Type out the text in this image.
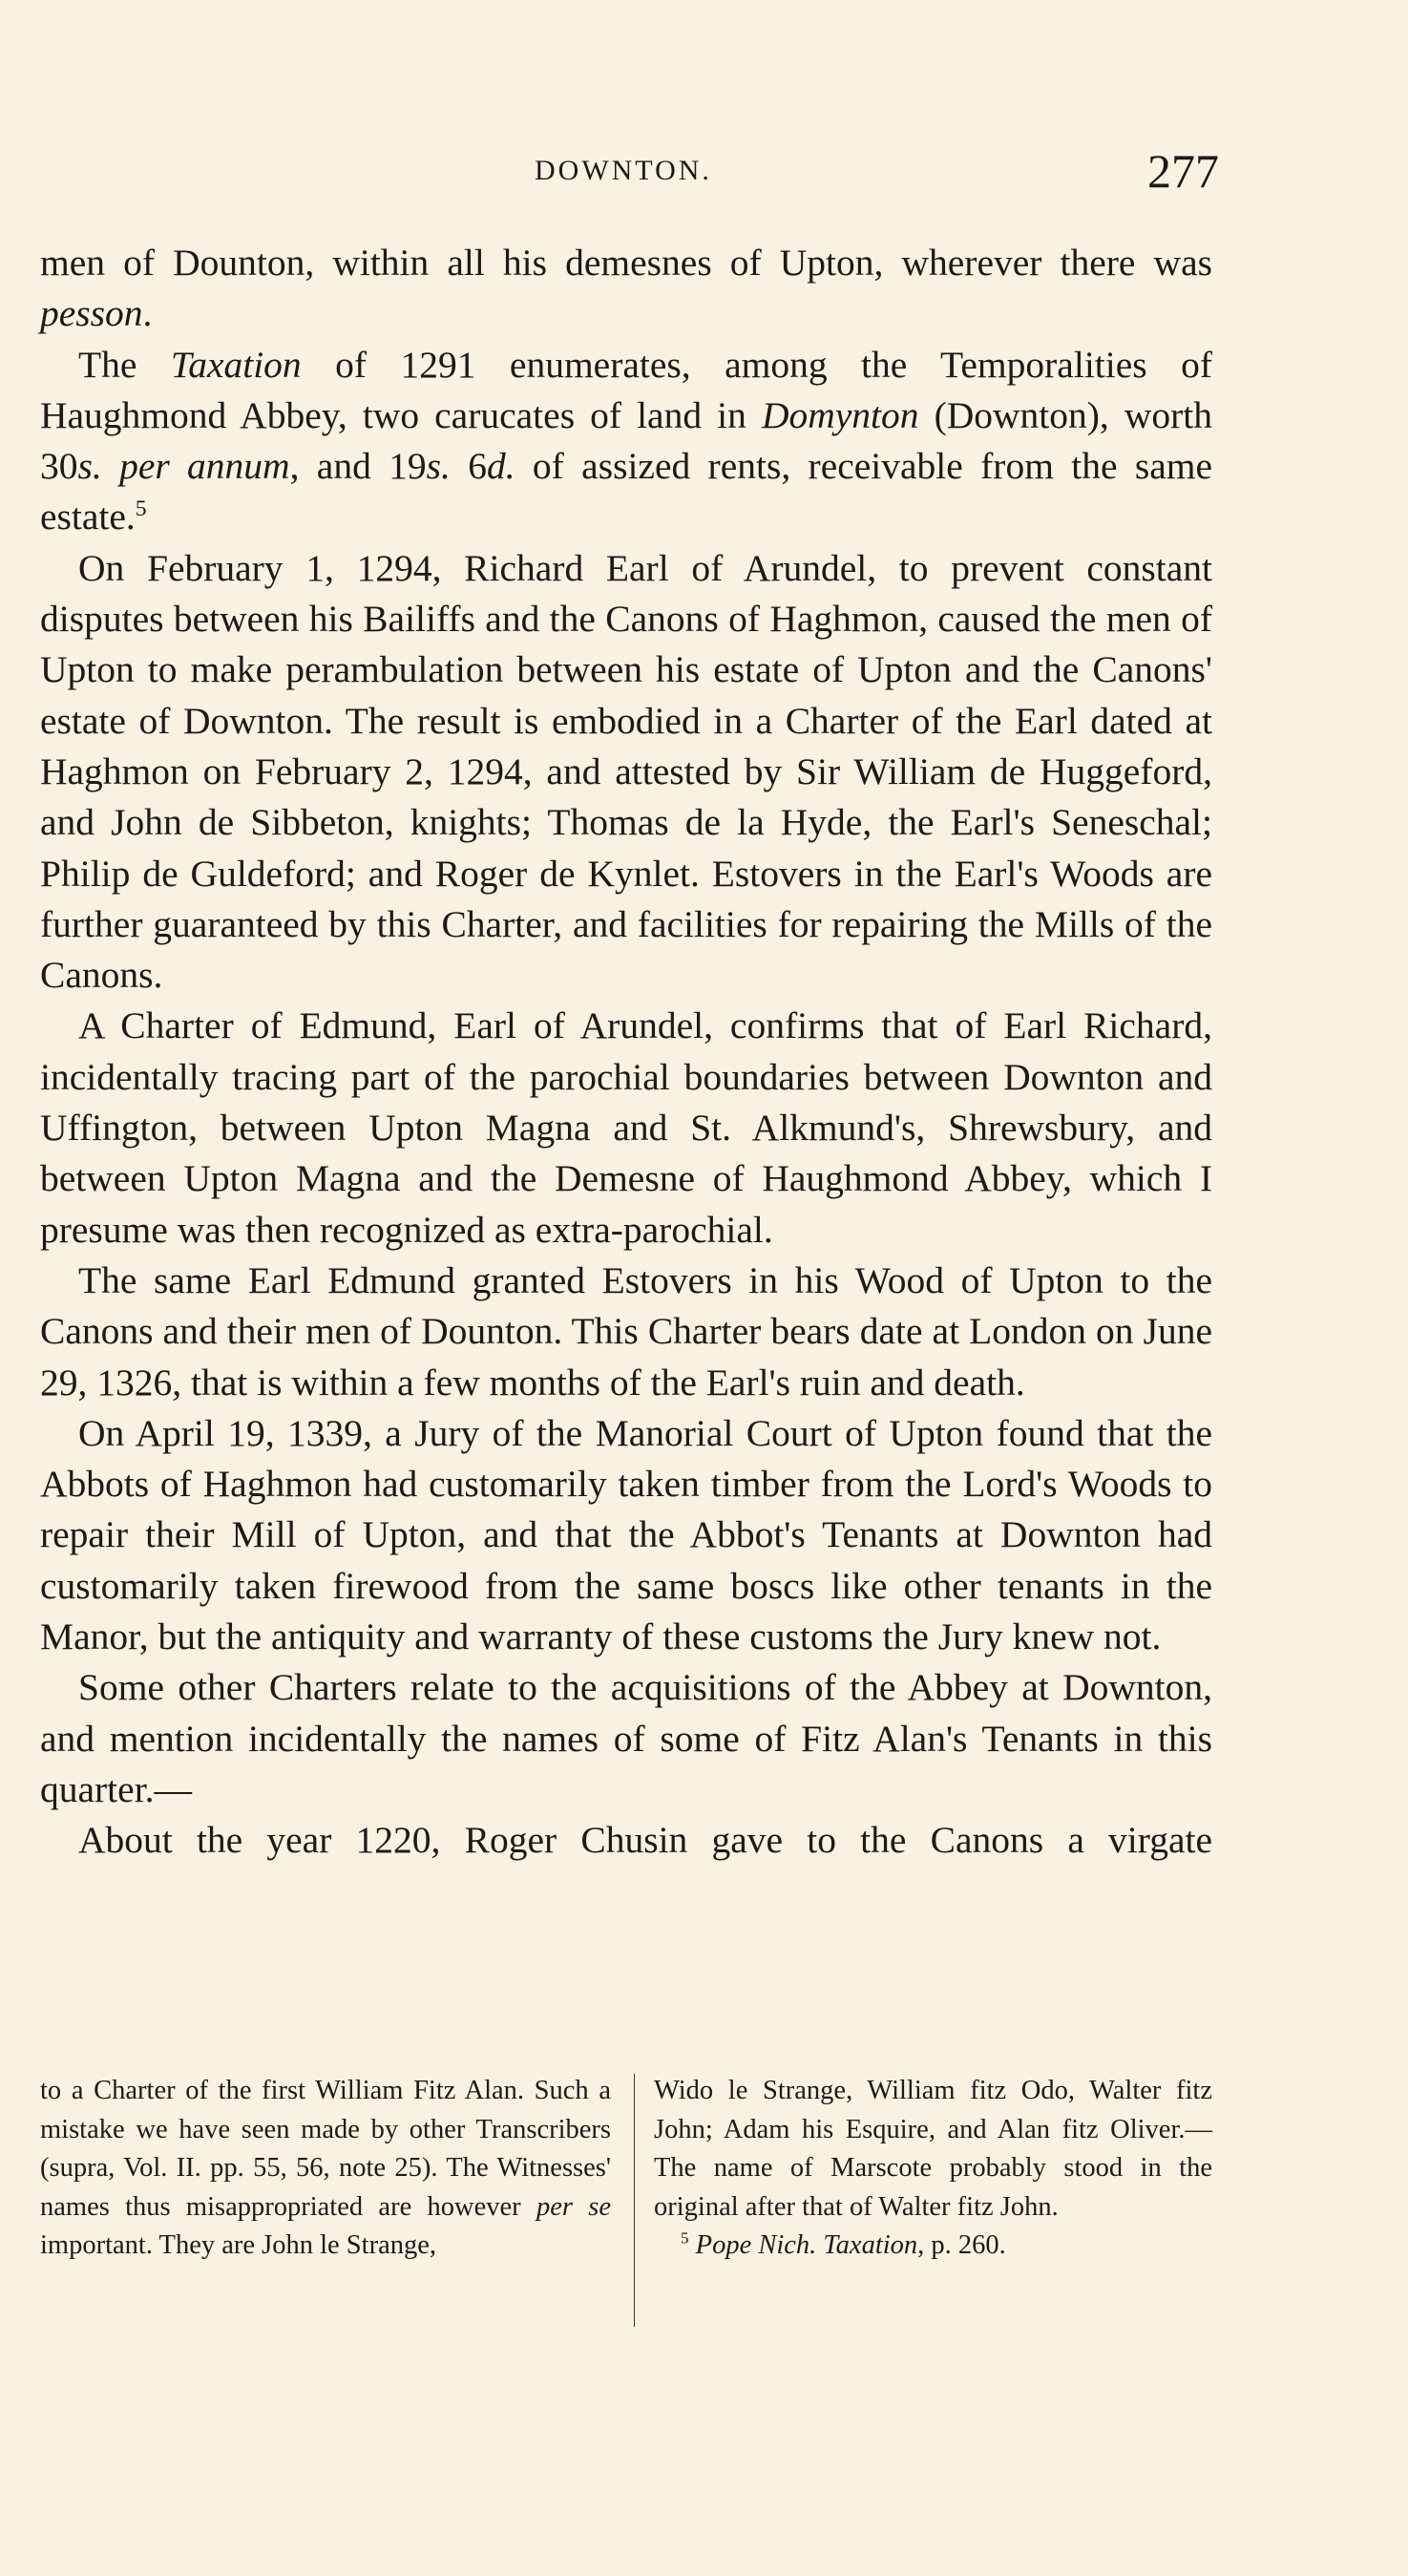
DOWNTON.	277

men of Dounton, within all his demesnes of Upton, wherever there was pesson.

The Taxation of 1291 enumerates, among the Temporalities of Haughmond Abbey, two carucates of land in Domynton (Downton), worth 30s. per annum, and 19s. 6d. of assized rents, receivable from the same estate.$^5$

On February 1, 1294, Richard Earl of Arundel, to prevent constant disputes between his Bailiffs and the Canons of Haghmon, caused the men of Upton to make perambulation between his estate of Upton and the Canons' estate of Downton. The result is embodied in a Charter of the Earl dated at Haghmon on February 2, 1294, and attested by Sir William de Huggeford, and John de Sibbeton, knights; Thomas de la Hyde, the Earl's Seneschal; Philip de Guldeford; and Roger de Kynlet. Estovers in the Earl's Woods are further guaranteed by this Charter, and facilities for repairing the Mills of the Canons.

A Charter of Edmund, Earl of Arundel, confirms that of Earl Richard, incidentally tracing part of the parochial boundaries between Downton and Uffington, between Upton Magna and St. Alkmund's, Shrewsbury, and between Upton Magna and the Demesne of Haughmond Abbey, which I presume was then recognized as extra-parochial.

The same Earl Edmund granted Estovers in his Wood of Upton to the Canons and their men of Dounton. This Charter bears date at London on June 29, 1326, that is within a few months of the Earl's ruin and death.

On April 19, 1339, a Jury of the Manorial Court of Upton found that the Abbots of Haghmon had customarily taken timber from the Lord's Woods to repair their Mill of Upton, and that the Abbot's Tenants at Downton had customarily taken firewood from the same boscs like other tenants in the Manor, but the antiquity and warranty of these customs the Jury knew not.

Some other Charters relate to the acquisitions of the Abbey at Downton, and mention incidentally the names of some of Fitz Alan's Tenants in this quarter.—

About the year 1220, Roger Chusin gave to the Canons a virgate

to a Charter of the first William Fitz Alan. Such a mistake we have seen made by other Transcribers (supra, Vol. II. pp. 55, 56, note 25). The Witnesses' names thus misappropriated are however per se important. They are John le Strange,

Wido le Strange, William fitz Odo, Walter fitz John; Adam his Esquire, and Alan fitz Oliver.—The name of Marscote probably stood in the original after that of Walter fitz John.

$^5$ Pope Nich. Taxation, p. 260.
